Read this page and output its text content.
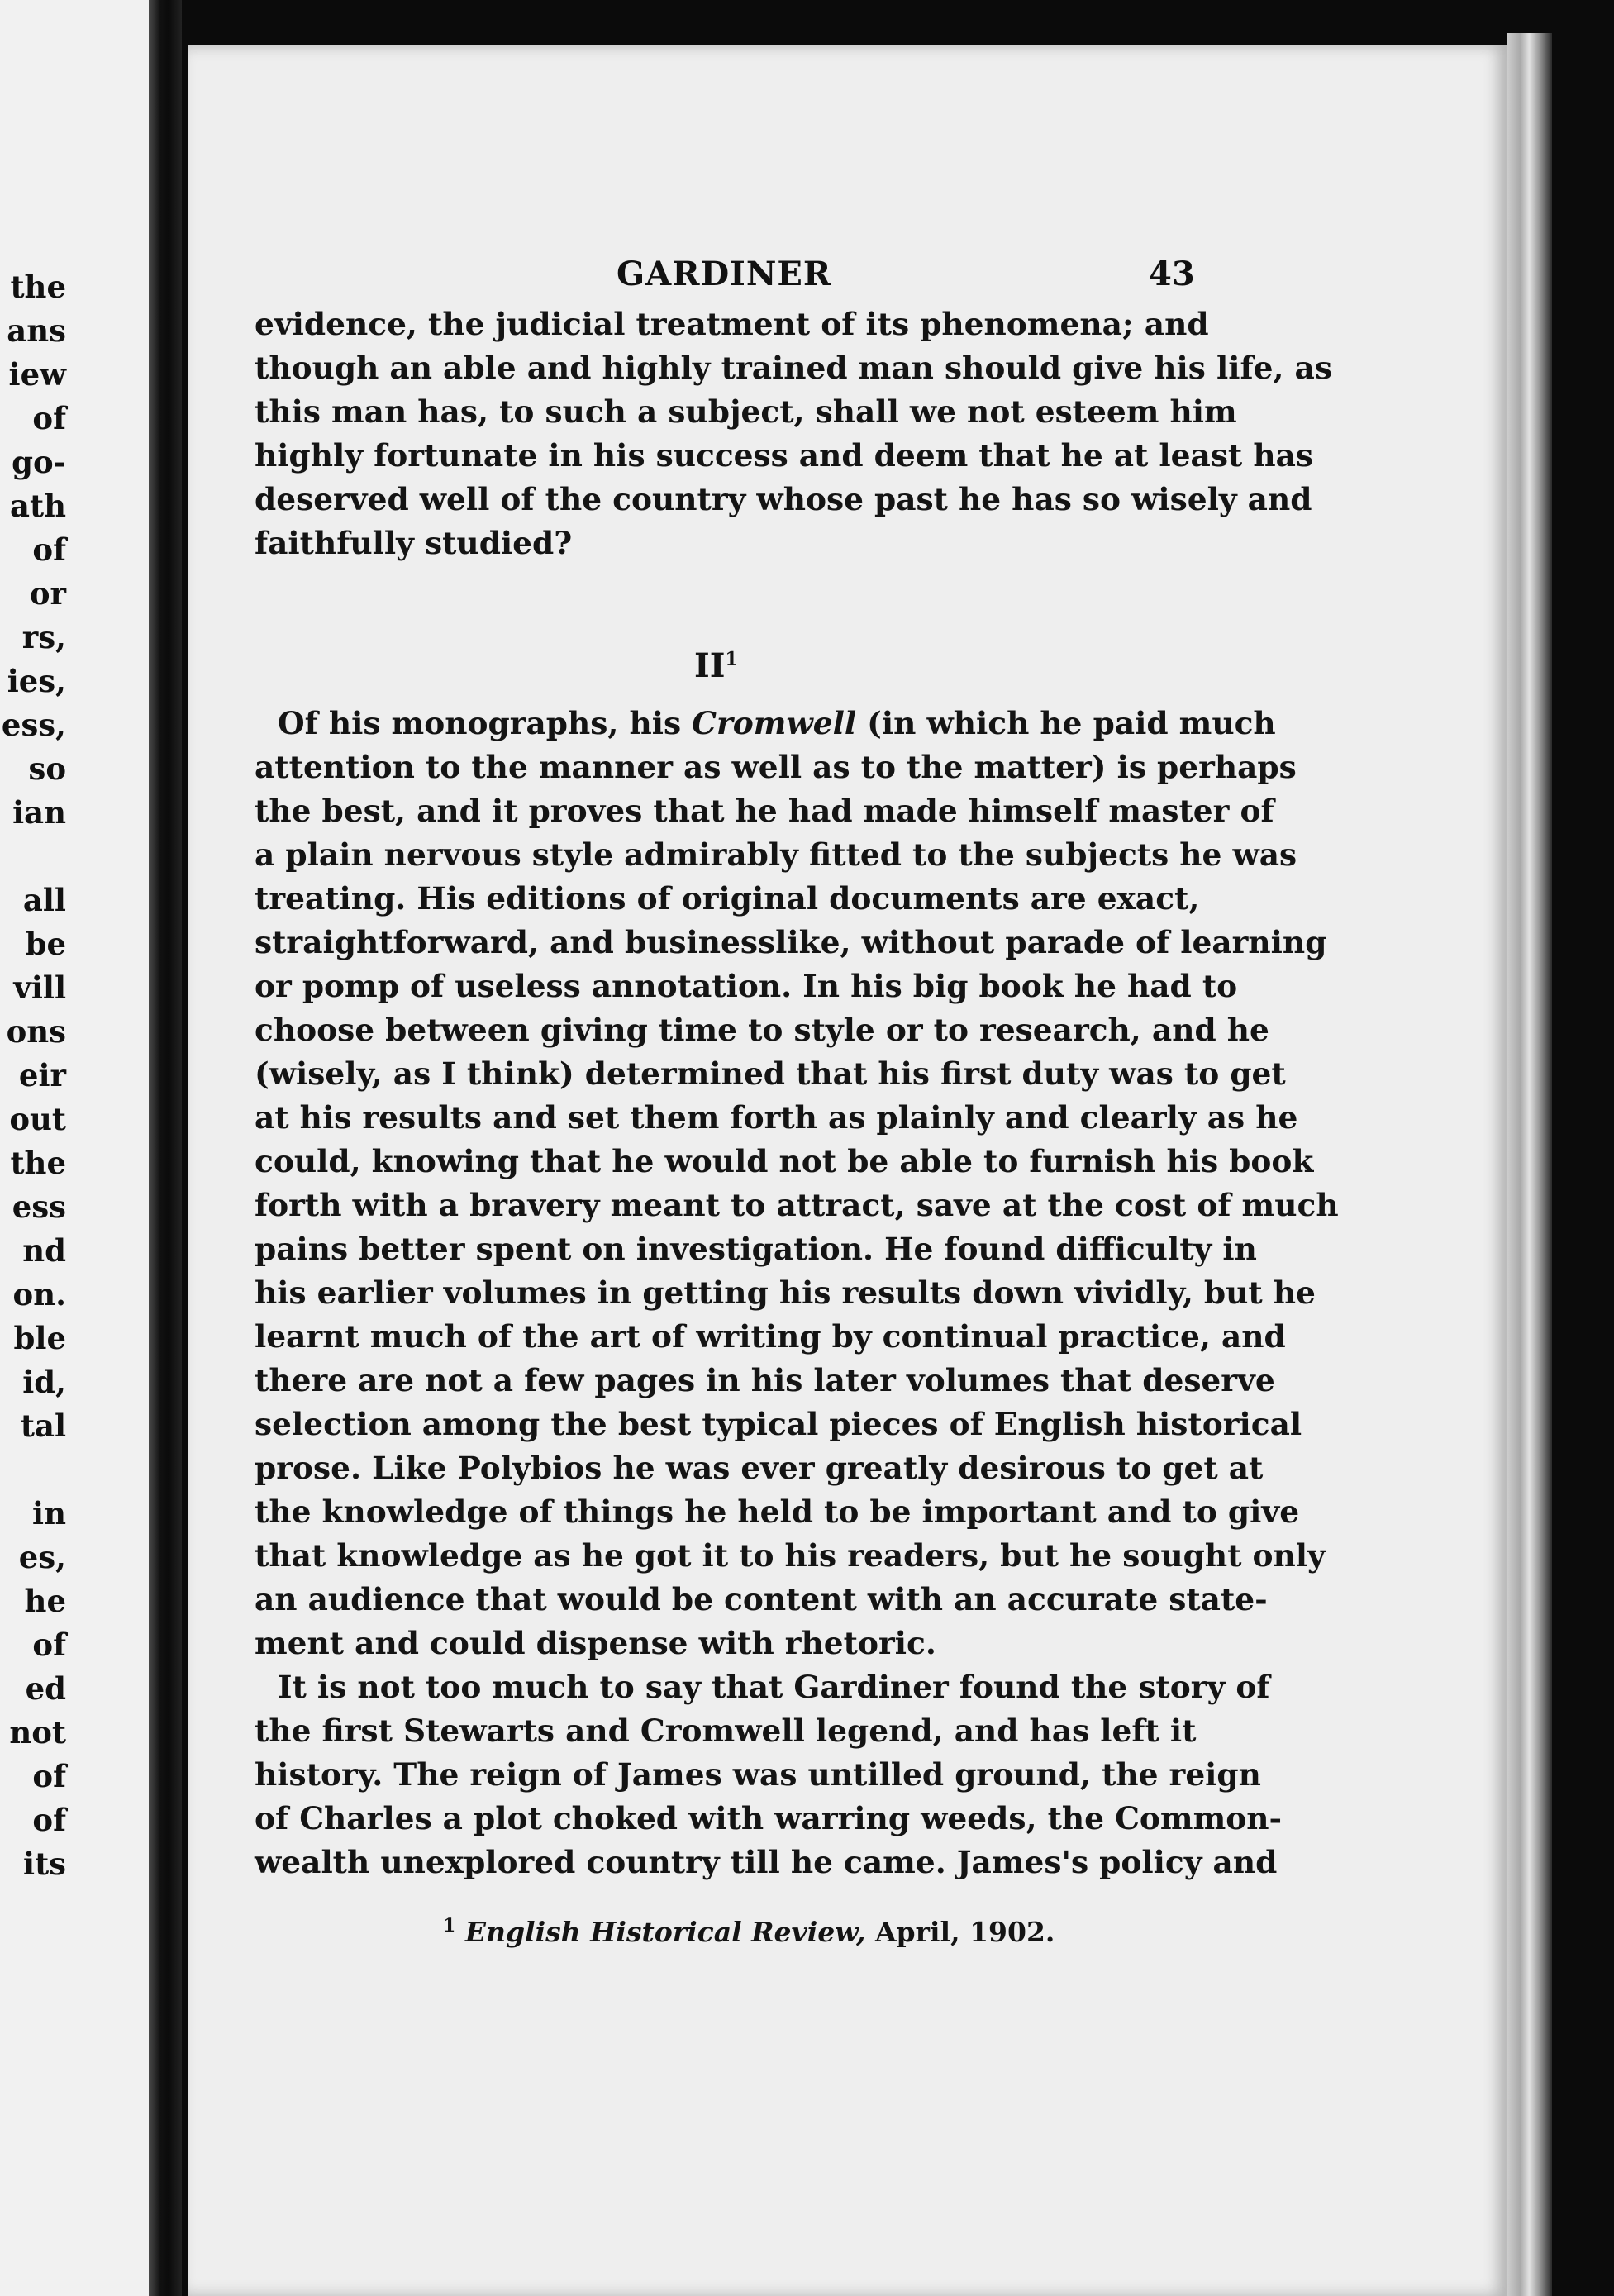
the
ans
iew
of
go-
ath
of
or
rs,
ies,
ess,
so
ian
all
be
vill
ons
eir
out
the
ess
nd
on.
ble
id,
tal
in
es,
he
of
ed
not
of
of
its
GARDINER	43
evidence, the judicial treatment of its phenomena; and
though an able and highly trained man should give his life, as
this man has, to such a subject, shall we not esteem him
highly fortunate in his success and deem that he at least has
deserved well of the country whose past he has so wisely and
faithfully studied?
$II^1$
Of his monographs, his Cromwell (in which he paid much
attention to the manner as well as to the matter) is perhaps
the best, and it proves that he had made himself master of
a plain nervous style admirably fitted to the subjects he was
treating. His editions of original documents are exact,
straightforward, and businesslike, without parade of learning
or pomp of useless annotation. In his big book he had to
choose between giving time to style or to research, and he
(wisely, as I think) determined that his first duty was to get
at his results and set them forth as plainly and clearly as he
could, knowing that he would not be able to furnish his book
forth with a bravery meant to attract, save at the cost of much
pains better spent on investigation. He found difficulty in
his earlier volumes in getting his results down vividly, but he
learnt much of the art of writing by continual practice, and
there are not a few pages in his later volumes that deserve
selection among the best typical pieces of English historical
prose. Like Polybios he was ever greatly desirous to get at
the knowledge of things he held to be important and to give
that knowledge as he got it to his readers, but he sought only
an audience that would be content with an accurate state-
ment and could dispense with rhetoric.
It is not too much to say that Gardiner found the story of
the first Stewarts and Cromwell legend, and has left it
history. The reign of James was untilled ground, the reign
of Charles a plot choked with warring weeds, the Common-
wealth unexplored country till he came. James's policy and
$^1$ English Historical Review, April, 1902.
